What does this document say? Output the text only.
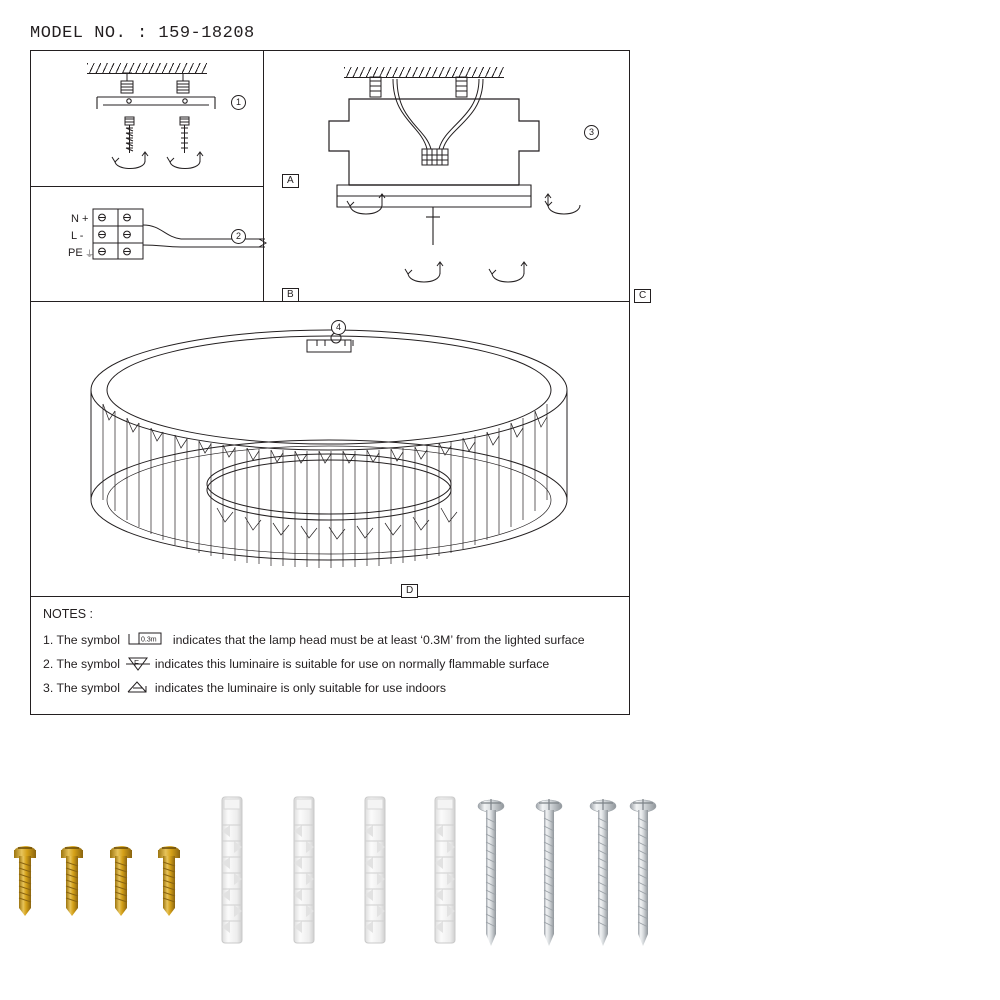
MODEL NO. : 159-18208
1
A
N +
L -
PE ⏚
2
B
3
C
4
D
NOTES :
1. The symbol	0.3m indicates that the lamp head must be at least ‘0.3M’ from the lighted surface
2. The symbol F indicates this luminaire is suitable for use on normally flammable surface
3. The symbol	indicates the luminaire is only suitable for use indoors
